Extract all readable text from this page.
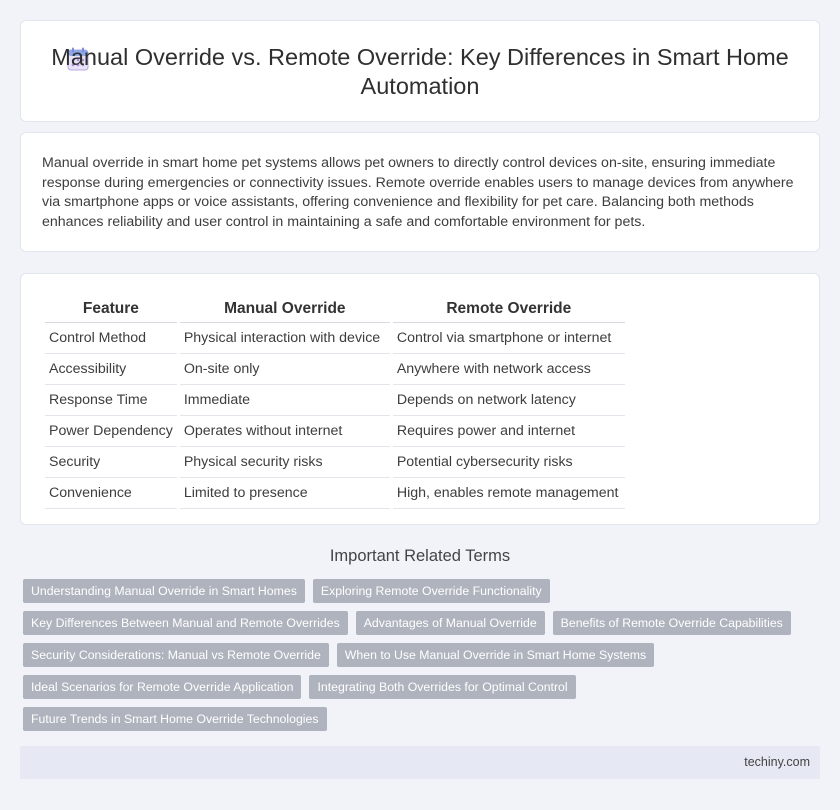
Manual Override vs. Remote Override: Key Differences in Smart Home Automation

Manual override in smart home pet systems allows pet owners to directly control devices on-site, ensuring immediate response during emergencies or connectivity issues. Remote override enables users to manage devices from anywhere via smartphone apps or voice assistants, offering convenience and flexibility for pet care. Balancing both methods enhances reliability and user control in maintaining a safe and comfortable environment for pets.

Feature	Manual Override	Remote Override
Control Method	Physical interaction with device	Control via smartphone or internet
Accessibility	On-site only	Anywhere with network access
Response Time	Immediate	Depends on network latency
Power Dependency	Operates without internet	Requires power and internet
Security	Physical security risks	Potential cybersecurity risks
Convenience	Limited to presence	High, enables remote management
Important Related Terms
Understanding Manual Override in Smart Homes	Exploring Remote Override Functionality
Key Differences Between Manual and Remote Overrides	Advantages of Manual Override	Benefits of Remote Override Capabilities
Security Considerations: Manual vs Remote Override	When to Use Manual Override in Smart Home Systems
Ideal Scenarios for Remote Override Application	Integrating Both Overrides for Optimal Control
Future Trends in Smart Home Override Technologies
techiny.com
